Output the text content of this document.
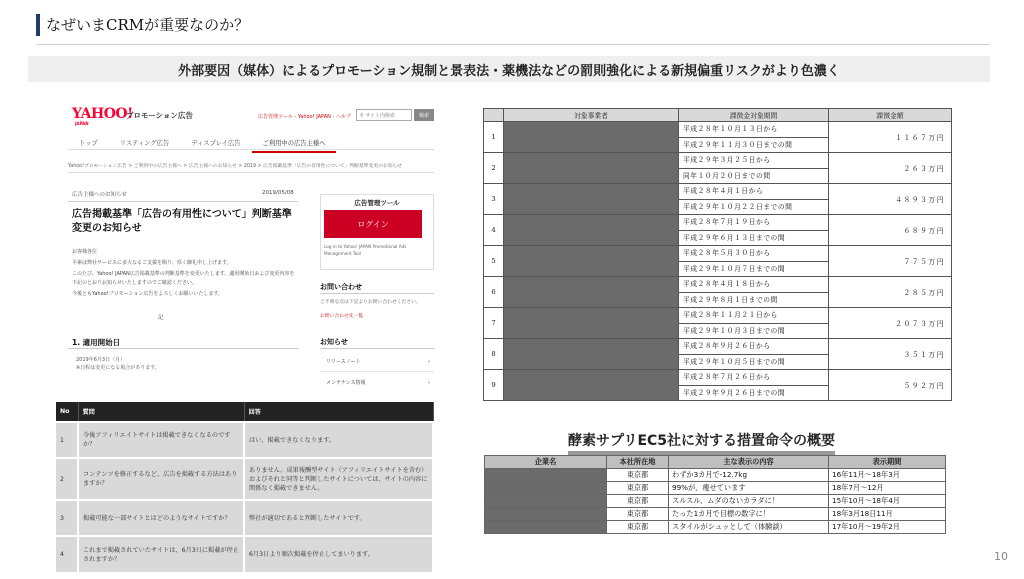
なぜいまCRMが重要なのか？
外部要因（媒体）によるプロモーション規制と景表法・薬機法などの罰則強化による新規偏重リスクがより色濃く
YAHOO!
JAPAN
プロモーション広告	広告管理ツール - Yahoo! JAPAN - ヘルプ	⚲ サイト内検索	検索
トップ	リスティング広告	ディスプレイ広告	ご利用中の広告主様へ
Yahoo!プロモーション広告 > ご利用中の広告主様へ > 広告主様へのお知らせ > 2019 > 広告掲載基準「広告の有用性について」判断基準変更のお知らせ
広告主様へのお知らせ	2019/05/08
広告掲載基準「広告の有用性について」判断基準変更のお知らせ

お客様各位

平素は弊社サービスに多大なるご支援を賜り、厚く御礼申し上げます。

このたび、Yahoo! JAPAN広告掲載基準の判断基準を変更いたします。適用開始日および変更内容を下記のとおりお知らせいたしますのでご確認ください。

今後ともYahoo!プロモーション広告をよろしくお願いいたします。

記
1. 適用開始日
2019年6月3日（月）
※日程は変更になる場合があります。
広告管理ツール
ログイン
Log in to Yahoo! JAPAN Promotional Ads Management Tool
お問い合わせ
ご不明な点は下記よりお問い合わせください。
お問い合わせ先一覧
お知らせ
リリースノート	›
メンテナンス情報	›
No	質問	回答
1	今後アフィリエイトサイトは掲載できなくなるのですか？	はい、掲載できなくなります。
2	コンテンツを修正するなど、広告を掲載する方法はありますか？	ありません。成果報酬型サイト（アフィリエイトサイトを含む）およびそれと同等と判断したサイトについては、サイトの内容に関係なく掲載できません。
3	掲載可能な一部サイトとはどのようなサイトですか？	弊社が適切であると判断したサイトです。
4	これまで掲載されていたサイトは、6月3日に掲載が停止されますか？	6月3日より順次掲載を停止してまいります。
	対象事業者	課徴金対象期間	課徴金額
1		平成２８年１０月１３日から
平成２９年１１月３０日までの間	１１６７万円
2		平成２９年３月２５日から
同年１０月２０日までの間	２６３万円
3		平成２８年４月１日から
平成２９年１０月２２日までの間	４８９３万円
4		平成２８年７月１９日から
平成２９年６月１３日までの間	６８９万円
5		平成２８年５月３０日から
平成２９年１０月７日までの間	７７５万円
6		平成２８年４月１８日から
平成２９年８月１日までの間	２８５万円
7		平成２８年１１月２１日から
平成２９年１０月３日までの間	２０７３万円
8		平成２８年９月２６日から
平成２９年１０月５日までの間	３５１万円
9		平成２８年７月２６日から
平成２９年９月２６日までの間	５９２万円
酵素サプリEC5社に対する措置命令の概要
企業名	本社所在地	主な表示の内容	表示期間
	東京都	わずか3カ月で-12.7kg	16年11月～18年3月
	東京都	99%が、痩せています	18年7月～12月
	東京都	スルスル、ムダのないカラダに！	15年10月～18年4月
	東京都	たった1カ月で目標の数字に！	18年3月18日11月
	東京都	スタイルがシュッとして（体験談）	17年10月～19年2月
10
